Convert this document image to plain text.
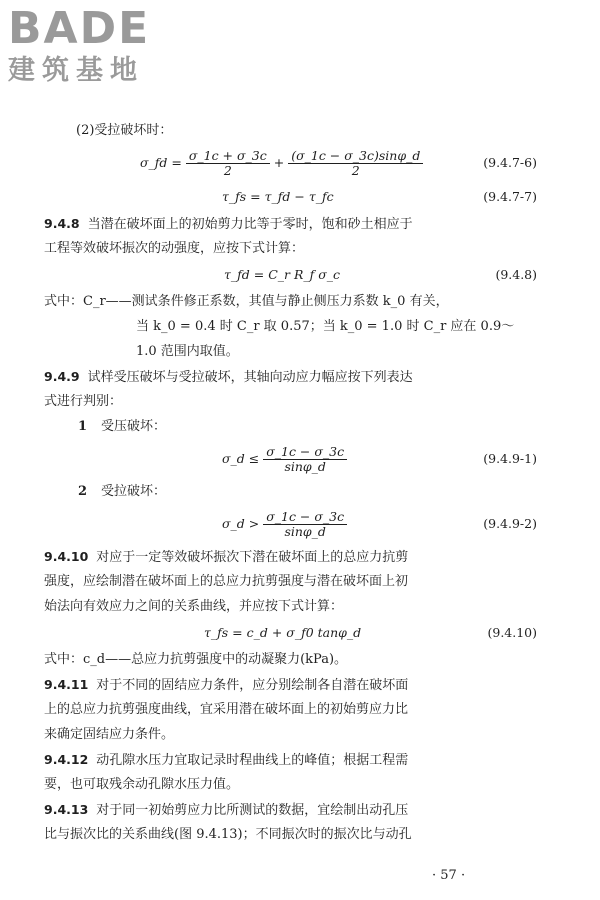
BADE
建筑基地
(2)受拉破坏时：
σ_fd = $\frac{\sigma\_1c + \sigma\_3c}{2} + \frac{(\sigma\_1c - \sigma\_3c)\sin\varphi\_d}{2}$	(9.4.7-6)
τ_fs = τ_fd − τ_fc	(9.4.7-7)
9.4.8 当潜在破坏面上的初始剪力比等于零时，饱和砂土相应于
工程等效破坏振次的动强度，应按下式计算：
τ_fd = C_r R_f σ_c	(9.4.8)
式中：C_r——测试条件修正系数，其值与静止侧压力系数 k_0 有关，
当 k_0 = 0.4 时 C_r 取 0.57；当 k_0 = 1.0 时 C_r 应在 0.9～
1.0 范围内取值。
9.4.9 试样受压破坏与受拉破坏，其轴向动应力幅应按下列表达
式进行判别：
1 受压破坏：
σ_d ≤ $\frac{\sigma\_1c - \sigma\_3c}{\sin\varphi\_d}$	(9.4.9-1)
2 受拉破坏：
σ_d > $\frac{\sigma\_1c - \sigma\_3c}{\sin\varphi\_d}$	(9.4.9-2)
9.4.10 对应于一定等效破坏振次下潜在破坏面上的总应力抗剪
强度，应绘制潜在破坏面上的总应力抗剪强度与潜在破坏面上初
始法向有效应力之间的关系曲线，并应按下式计算：
τ_fs = c_d + σ_f0 tanφ_d	(9.4.10)
式中：c_d——总应力抗剪强度中的动凝聚力(kPa)。
9.4.11 对于不同的固结应力条件，应分别绘制各自潜在破坏面
上的总应力抗剪强度曲线，宜采用潜在破坏面上的初始剪应力比
来确定固结应力条件。
9.4.12 动孔隙水压力宜取记录时程曲线上的峰值；根据工程需
要，也可取残余动孔隙水压力值。
9.4.13 对于同一初始剪应力比所测试的数据，宜绘制出动孔压
比与振次比的关系曲线(图 9.4.13)；不同振次时的振次比与动孔
· 57 ·
